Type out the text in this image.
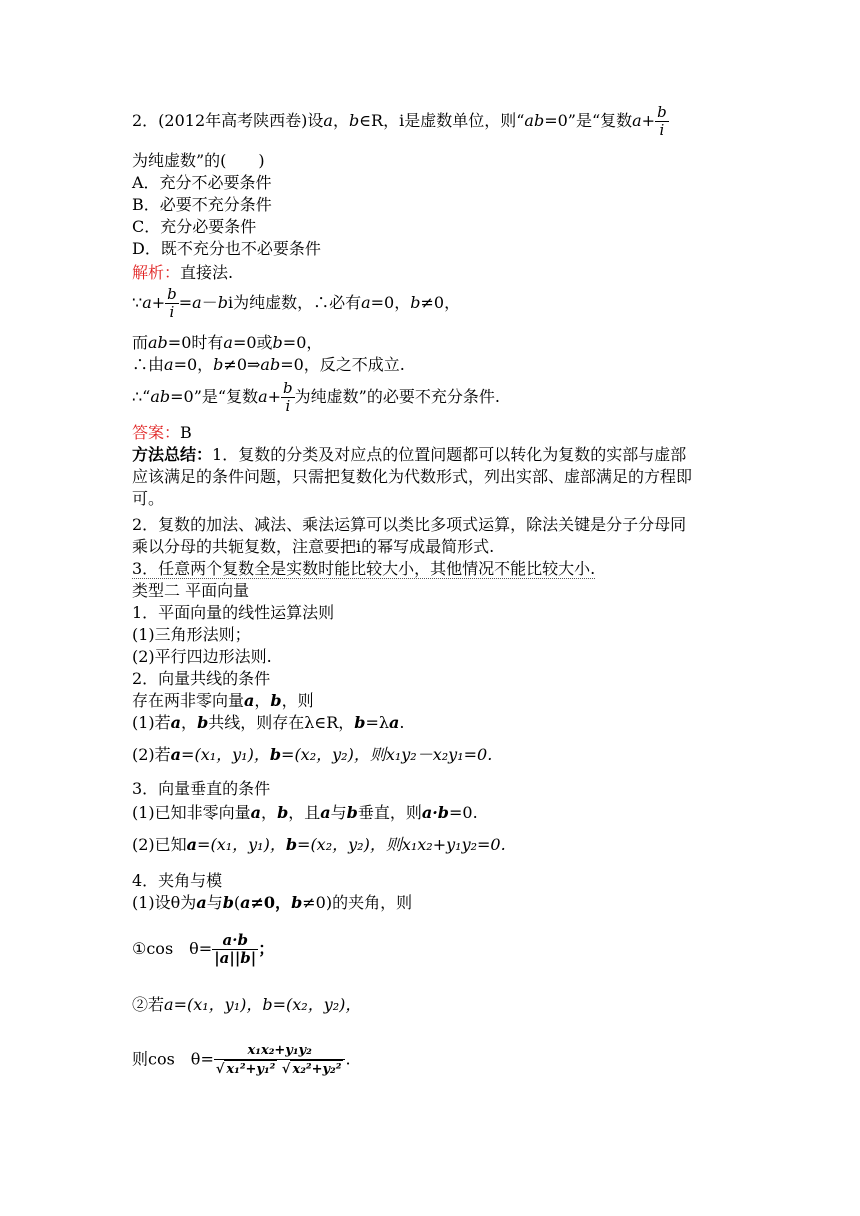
2．(2012年高考陕西卷)设a，b∈R，i是虚数单位，则“ab=0”是“复数$a+ \frac{b}{i}$
为纯虚数”的(　　)
A．充分不必要条件
B．必要不充分条件
C．充分必要条件
D．既不充分也不必要条件
解析：直接法.
∵a+ $\frac{b}{i} =a-bi$为纯虚数，∴必有a=0，b≠0，
而ab=0时有a=0或b=0，
∴由a=0，b≠0⇒ab=0，反之不成立.
∴“ab=0”是“复数$a+ \frac{b}{i}$ 为纯虚数”的必要不充分条件.
答案：B
方法总结：1．复数的分类及对应点的位置问题都可以转化为复数的实部与虚部
应该满足的条件问题，只需把复数化为代数形式，列出实部、虚部满足的方程即
可。
2．复数的加法、减法、乘法运算可以类比多项式运算，除法关键是分子分母同
乘以分母的共轭复数，注意要把i的幂写成最简形式.
3．任意两个复数全是实数时能比较大小，其他情况不能比较大小.
类型二 平面向量
1．平面向量的线性运算法则
(1)三角形法则；
(2)平行四边形法则.
2．向量共线的条件
存在两非零向量a，b，则
(1)若a，b共线，则存在λ∈R，b=λa.
(2)若a=(x₁，y₁)，b=(x₂，y₂)，则x₁y₂－x₂y₁=0.
3．向量垂直的条件
(1)已知非零向量a，b，且a与b垂直，则a·b=0.
(2)已知a=(x₁，y₁)，b=(x₂，y₂)，则x₁x₂+y₁y₂=0.
4．夹角与模
(1)设θ为a与b(a≠0，b≠0)的夹角，则
①cos　$\theta= \frac{a\cdot b}{|a||b|}$ ；
②若a=(x₁，y₁)，b=(x₂，y₂)，
则cos　$\theta= \frac{\text{x₁x₂+y₁y₂}}{\text{√ x₁²+y₁² √ x₂²+y₂²}}$ .
